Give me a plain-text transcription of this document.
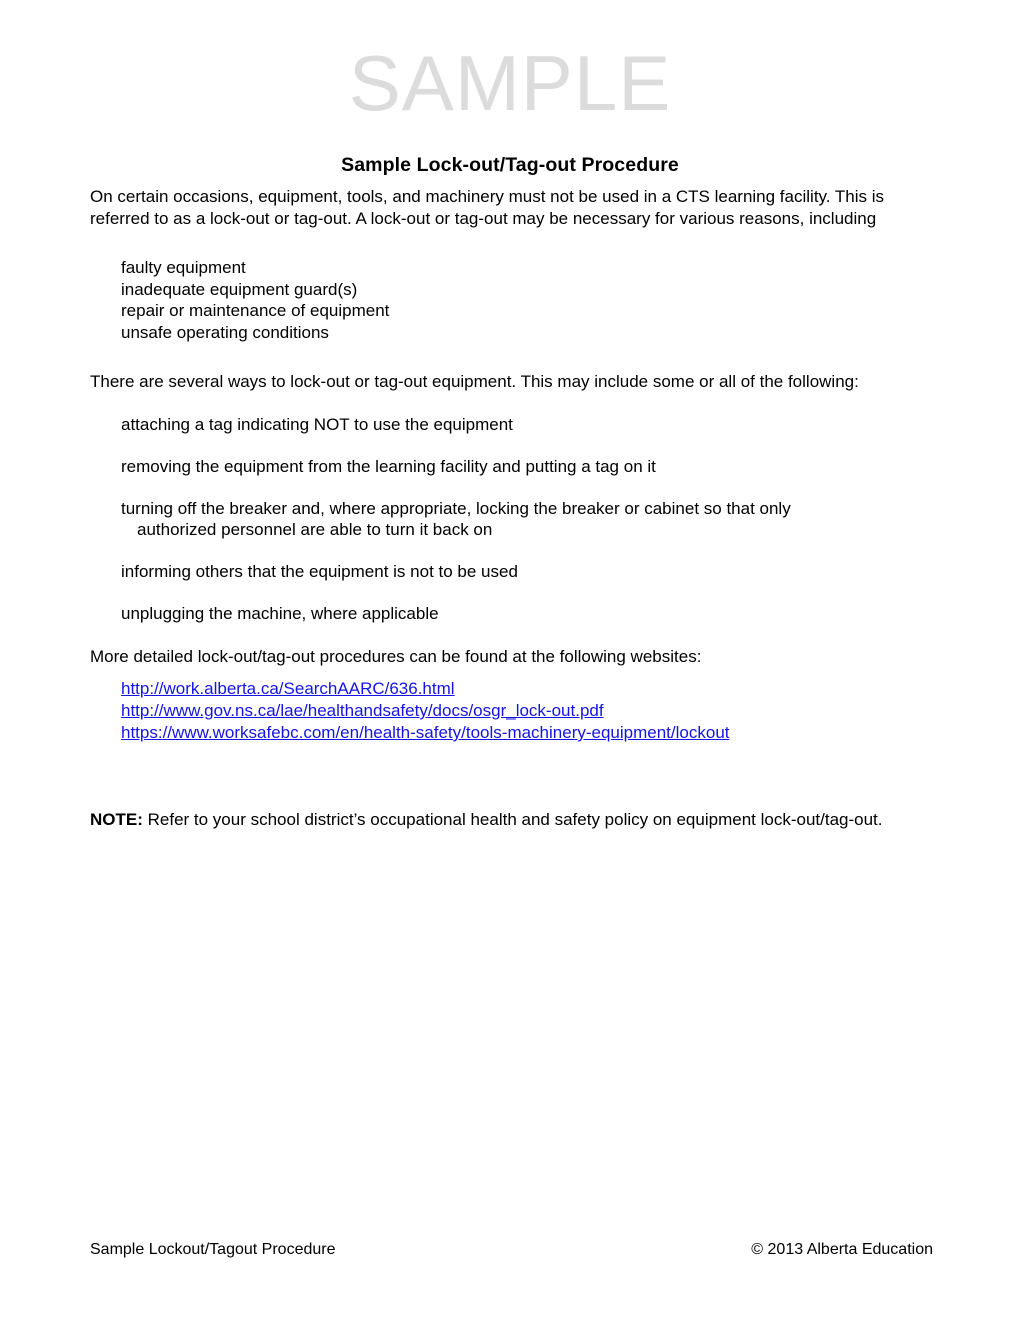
SAMPLE
Sample Lock-out/Tag-out Procedure

On certain occasions, equipment, tools, and machinery must not be used in a CTS learning facility. This is referred to as a lock-out or tag-out. A lock-out or tag-out may be necessary for various reasons, including

faulty equipment
inadequate equipment guard(s)
repair or maintenance of equipment
unsafe operating conditions

There are several ways to lock-out or tag-out equipment. This may include some or all of the following:

attaching a tag indicating NOT to use the equipment
removing the equipment from the learning facility and putting a tag on it
turning off the breaker and, where appropriate, locking the breaker or cabinet so that only
authorized personnel are able to turn it back on
informing others that the equipment is not to be used
unplugging the machine, where applicable

More detailed lock-out/tag-out procedures can be found at the following websites:

http://work.alberta.ca/SearchAARC/636.html
http://www.gov.ns.ca/lae/healthandsafety/docs/osgr_lock-out.pdf
https://www.worksafebc.com/en/health-safety/tools-machinery-equipment/lockout

NOTE: Refer to your school district’s occupational health and safety policy on equipment lock-out/tag-out.

Sample Lockout/Tagout Procedure	© 2013 Alberta Education
